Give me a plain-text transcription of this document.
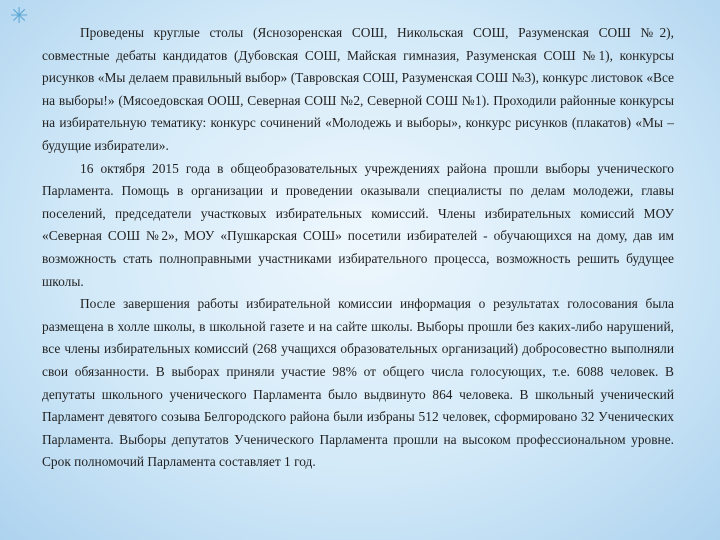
✳

Проведены круглые столы (Яснозоренская СОШ, Никольская СОШ, Разуменская СОШ №2), совместные дебаты кандидатов (Дубовская СОШ, Майская гимназия, Разуменская СОШ №1), конкурсы рисунков «Мы делаем правильный выбор» (Тавровская СОШ, Разуменская СОШ №3), конкурс листовок «Все на выборы!» (Мясоедовская ООШ, Северная СОШ №2, Северной СОШ №1). Проходили районные конкурсы на избирательную тематику: конкурс сочинений «Молодежь и выборы», конкурс рисунков (плакатов) «Мы – будущие избиратели».

16 октября 2015 года в общеобразовательных учреждениях района прошли выборы ученического Парламента. Помощь в организации и проведении оказывали специалисты по делам молодежи, главы поселений, председатели участковых избирательных комиссий. Члены избирательных комиссий МОУ «Северная СОШ №2», МОУ «Пушкарская СОШ» посетили избирателей - обучающихся на дому, дав им возможность стать полноправными участниками избирательного процесса, возможность решить будущее школы.

После завершения работы избирательной комиссии информация о результатах голосования была размещена в холле школы, в школьной газете и на сайте школы. Выборы прошли без каких-либо нарушений, все члены избирательных комиссий (268 учащихся образовательных организаций) добросовестно выполняли свои обязанности. В выборах приняли участие 98% от общего числа голосующих, т.е. 6088 человек. В депутаты школьного ученического Парламента было выдвинуто 864 человека. В школьный ученический Парламент девятого созыва Белгородского района были избраны 512 человек, сформировано 32 Ученических Парламента. Выборы депутатов Ученического Парламента прошли на высоком профессиональном уровне. Срок полномочий Парламента составляет 1 год.
